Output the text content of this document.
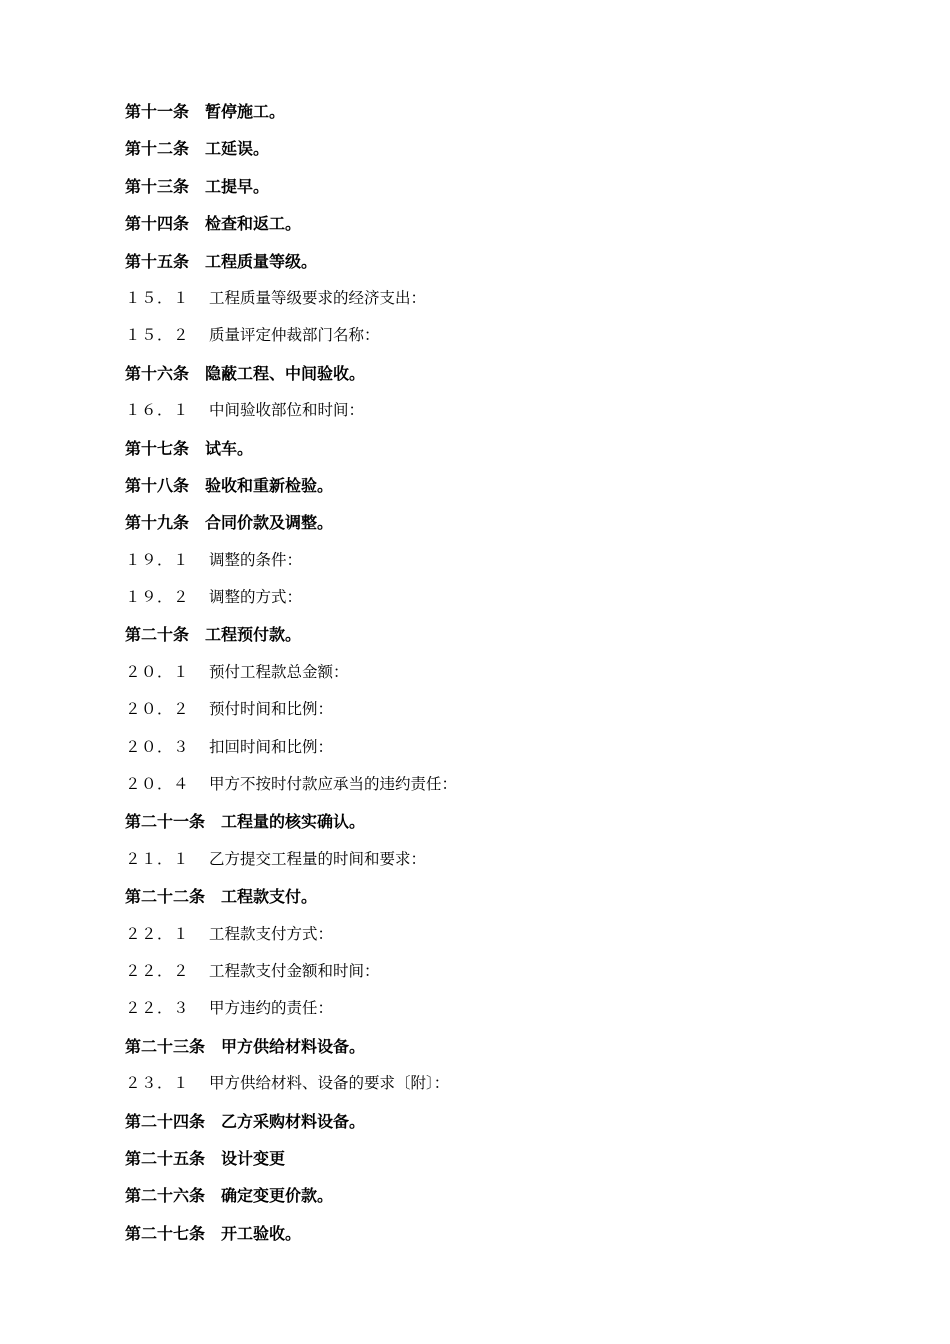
第十一条 暂停施工。
第十二条 工延误。
第十三条 工提早。
第十四条 检查和返工。
第十五条 工程质量等级。
１５．１ 工程质量等级要求的经济支出：
１５．２ 质量评定仲裁部门名称：
第十六条 隐蔽工程、中间验收。
１６．１ 中间验收部位和时间：
第十七条 试车。
第十八条 验收和重新检验。
第十九条 合同价款及调整。
１９．１ 调整的条件：
１９．２ 调整的方式：
第二十条 工程预付款。
２０．１ 预付工程款总金额：
２０．２ 预付时间和比例：
２０．３ 扣回时间和比例：
２０．４ 甲方不按时付款应承当的违约责任：
第二十一条 工程量的核实确认。
２１．１ 乙方提交工程量的时间和要求：
第二十二条 工程款支付。
２２．１ 工程款支付方式：
２２．２ 工程款支付金额和时间：
２２．３ 甲方违约的责任：
第二十三条 甲方供给材料设备。
２３．１ 甲方供给材料、设备的要求〔附〕：
第二十四条 乙方采购材料设备。
第二十五条 设计变更
第二十六条 确定变更价款。
第二十七条 开工验收。
